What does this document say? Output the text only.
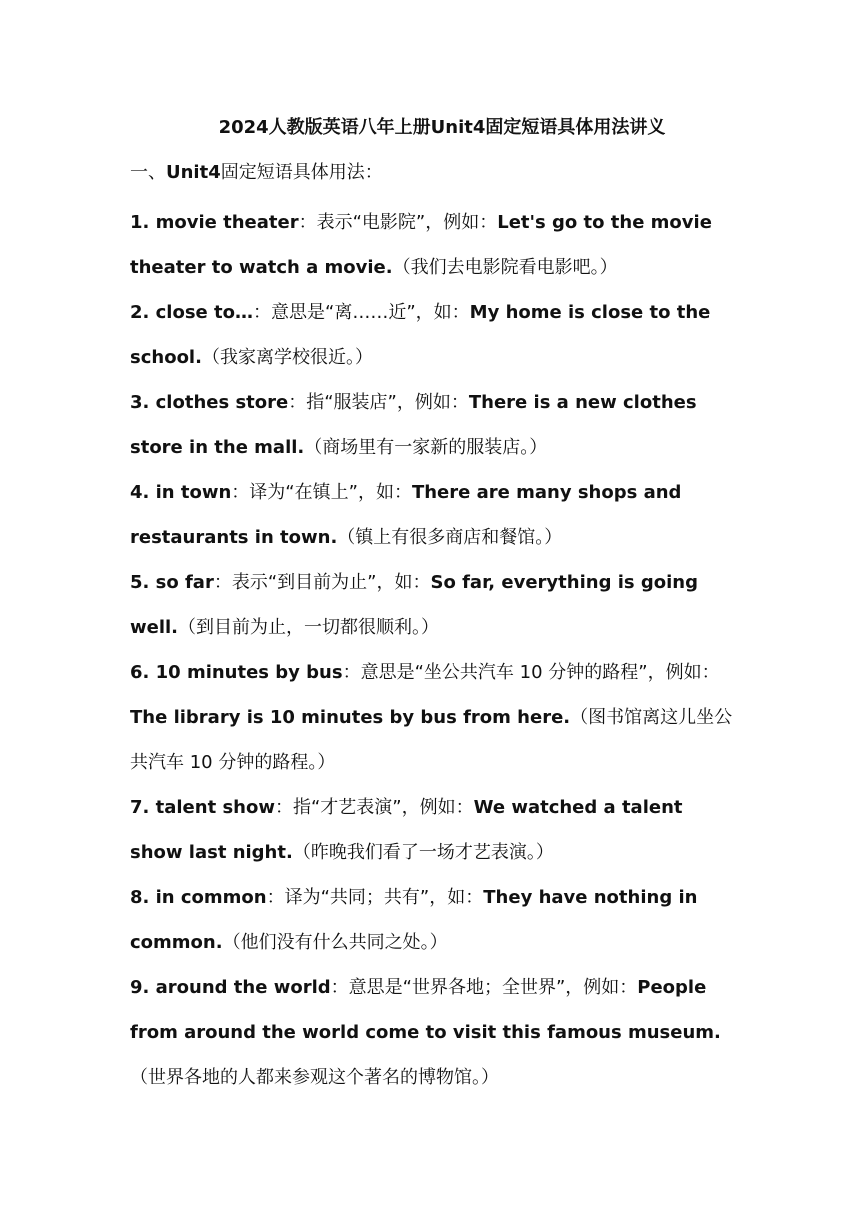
2024人教版英语八年上册Unit4固定短语具体用法讲义
一、Unit4固定短语具体用法：

1. movie theater：表示“电影院”，例如：Let's go to the movie theater to watch a movie.（我们去电影院看电影吧。）

2. close to…：意思是“离……近”，如：My home is close to the school.（我家离学校很近。）

3. clothes store：指“服装店”，例如：There is a new clothes store in the mall.（商场里有一家新的服装店。）

4. in town：译为“在镇上”，如：There are many shops and restaurants in town.（镇上有很多商店和餐馆。）

5. so far：表示“到目前为止”，如：So far, everything is going well.（到目前为止，一切都很顺利。）

6. 10 minutes by bus：意思是“坐公共汽车 10 分钟的路程”，例如：The library is 10 minutes by bus from here.（图书馆离这儿坐公共汽车 10 分钟的路程。）

7. talent show：指“才艺表演”，例如：We watched a talent show last night.（昨晚我们看了一场才艺表演。）

8. in common：译为“共同；共有”，如：They have nothing in common.（他们没有什么共同之处。）

9. around the world：意思是“世界各地；全世界”，例如：People from around the world come to visit this famous museum.（世界各地的人都来参观这个著名的博物馆。）
